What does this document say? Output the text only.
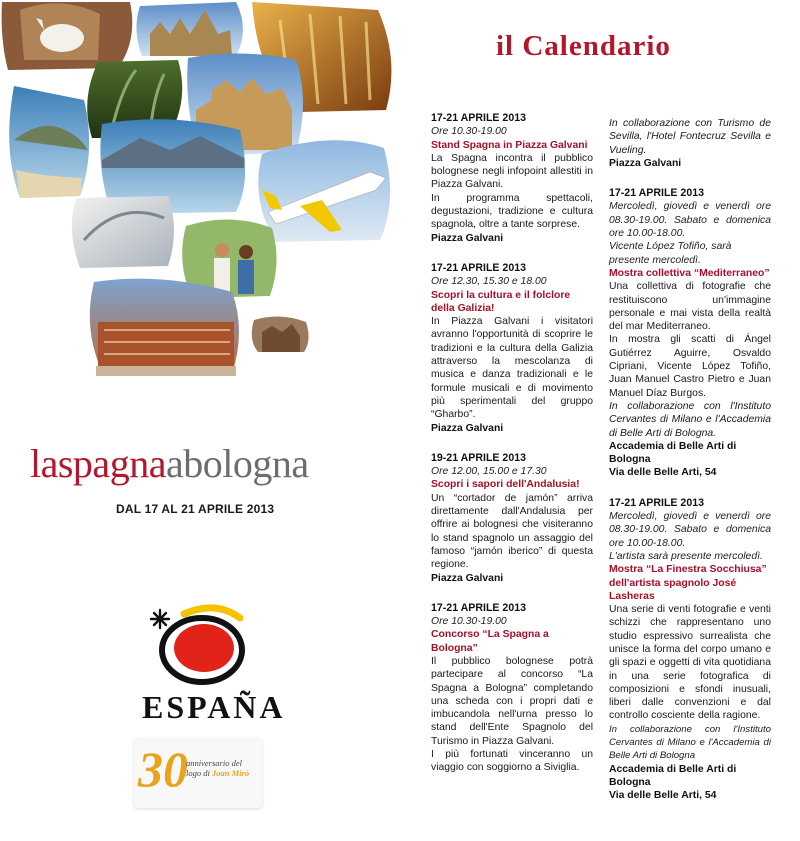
laspagnaabologna
DAL 17 AL 21 APRILE 2013
ESPAÑA
30
anniversario del logo di Joan Miró
il Calendario

17-21 APRILE 2013

Ore 10.30-19.00

Stand Spagna in Piazza Galvani

La Spagna incontra il pubblico bolognese negli infopoint allestiti in Piazza Galvani.

In programma spettacoli, degustazioni, tradizione e cultura spagnola, oltre a tante sorprese.

Piazza Galvani

17-21 APRILE 2013

Ore 12.30, 15.30 e 18.00

Scopri la cultura e il folclore della Galizia!

In Piazza Galvani i visitatori avranno l'opportunità di scoprire le tradizioni e la cultura della Galizia attraverso la mescolanza di musica e danza tradizionali e le formule musicali e di movimento più sperimentali del gruppo “Gharbo”.

Piazza Galvani

19-21 APRILE 2013

Ore 12.00, 15.00 e 17.30

Scopri i sapori dell'Andalusia!

Un “cortador de jamón” arriva direttamente dall'Andalusia per offrire ai bolognesi che visiteranno lo stand spagnolo un assaggio del famoso “jamón iberico” di questa regione.

Piazza Galvani

17-21 APRILE 2013

Ore 10.30-19.00

Concorso “La Spagna a Bologna”

Il pubblico bolognese potrà partecipare al concorso “La Spagna a Bologna” completando una scheda con i propri dati e imbucandola nell'urna presso lo stand dell'Ente Spagnolo del Turismo in Piazza Galvani.

I più fortunati vinceranno un viaggio con soggiorno a Siviglia.

In collaborazione con Turismo de Sevilla, l'Hotel Fontecruz Sevilla e Vueling.

Piazza Galvani

17-21 APRILE 2013

Mercoledì, giovedì e venerdì ore 08.30-19.00. Sabato e domenica ore 10.00-18.00.

Vicente López Tofiño, sarà presente mercoledì.

Mostra collettiva “Mediterraneo”

Una collettiva di fotografie che restituiscono un'immagine personale e mai vista della realtà del mar Mediterraneo.

In mostra gli scatti di Ángel Gutiérrez Aguirre, Osvaldo Cipriani, Vicente López Tofiño, Juan Manuel Castro Pietro e Juan Manuel Díaz Burgos.

In collaborazione con l'Instituto Cervantes di Milano e l'Accademia di Belle Arti di Bologna.

Accademia di Belle Arti di Bologna

Via delle Belle Arti, 54

17-21 APRILE 2013

Mercoledì, giovedì e venerdì ore 08.30-19.00. Sabato e domenica ore 10.00-18.00.

L'artista sarà presente mercoledì.

Mostra “La Finestra Socchiusa” dell'artista spagnolo José Lasheras

Una serie di venti fotografie e venti schizzi che rappresentano uno studio espressivo surrealista che unisce la forma del corpo umano e gli spazi e oggetti di vita quotidiana in una serie fotografica di composizioni e sfondi inusuali, liberi dalle convenzioni e dal controllo cosciente della ragione.

In collaborazione con l'Instituto Cervantes di Milano e l'Accademia di Belle Arti di Bologna

Accademia di Belle Arti di Bologna

Via delle Belle Arti, 54
